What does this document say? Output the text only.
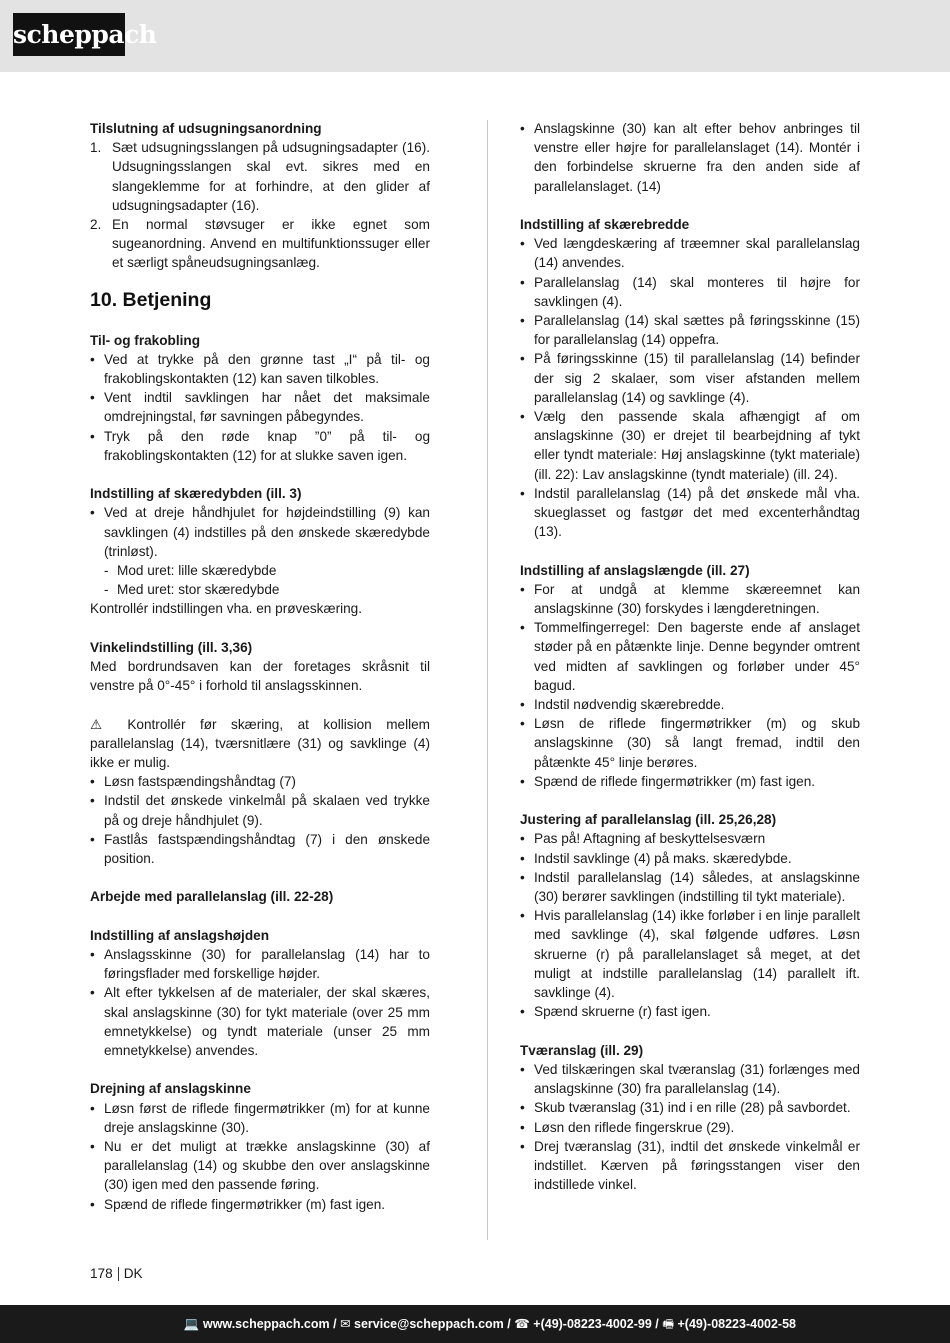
scheppach

Tilslutning af udsugningsanordning

1. Sæt udsugningsslangen på udsugningsadapter (16). Udsugningsslangen skal evt. sikres med en slangeklemme for at forhindre, at den glider af udsugningsadapter (16).
2. En normal støvsuger er ikke egnet som sugeanordning. Anvend en multifunktionssuger eller et særligt spåneudsugningsanlæg.
10. Betjening

Til- og frakobling

• Ved at trykke på den grønne tast „I“ på til- og frakoblingskontakten (12) kan saven tilkobles.
• Vent indtil savklingen har nået det maksimale omdrejningstal, før savningen påbegyndes.
• Tryk på den røde knap ”0” på til- og frakoblingskontakten (12) for at slukke saven igen.

Indstilling af skæredybden (ill. 3)

• Ved at dreje håndhjulet for højdeindstilling (9) kan savklingen (4) indstilles på den ønskede skæredybde (trinløst).
- Mod uret: lille skæredybde
- Med uret: stor skæredybde

Kontrollér indstillingen vha. en prøveskæring.

Vinkelindstilling (ill. 3,36)

Med bordrundsaven kan der foretages skråsnit til venstre på 0°-45° i forhold til anslagsskinnen.

⚠ Kontrollér før skæring, at kollision mellem parallelanslag (14), tværsnitlære (31) og savklinge (4) ikke er mulig.

• Løsn fastspændingshåndtag (7)
• Indstil det ønskede vinkelmål på skalaen ved trykke på og dreje håndhjulet (9).
• Fastlås fastspændingshåndtag (7) i den ønskede position.

Arbejde med parallelanslag (ill. 22-28)

Indstilling af anslagshøjden

• Anslagsskinne (30) for parallelanslag (14) har to føringsflader med forskellige højder.
• Alt efter tykkelsen af de materialer, der skal skæres, skal anslagskinne (30) for tykt materiale (over 25 mm emnetykkelse) og tyndt materiale (unser 25 mm emnetykkelse) anvendes.

Drejning af anslagskinne

• Løsn først de riflede fingermøtrikker (m) for at kunne dreje anslagskinne (30).
• Nu er det muligt at trække anslagskinne (30) af parallelanslag (14) og skubbe den over anslagskinne (30) igen med den passende føring.
• Spænd de riflede fingermøtrikker (m) fast igen.
• Anslagskinne (30) kan alt efter behov anbringes til venstre eller højre for parallelanslaget (14). Montér i den forbindelse skruerne fra den anden side af parallelanslaget. (14)

Indstilling af skærebredde

• Ved længdeskæring af træemner skal parallelanslag (14) anvendes.
• Parallelanslag (14) skal monteres til højre for savklingen (4).
• Parallelanslag (14) skal sættes på føringsskinne (15) for parallelanslag (14) oppefra.
• På føringsskinne (15) til parallelanslag (14) befinder der sig 2 skalaer, som viser afstanden mellem parallelanslag (14) og savklinge (4).
• Vælg den passende skala afhængigt af om anslagskinne (30) er drejet til bearbejdning af tykt eller tyndt materiale: Høj anslagskinne (tykt materiale) (ill. 22): Lav anslagskinne (tyndt materiale) (ill. 24).
• Indstil parallelanslag (14) på det ønskede mål vha. skueglasset og fastgør det med excenterhåndtag (13).

Indstilling af anslagslængde (ill. 27)

• For at undgå at klemme skæreemnet kan anslagskinne (30) forskydes i længderetningen.
• Tommelfingerregel: Den bagerste ende af anslaget støder på en påtænkte linje. Denne begynder omtrent ved midten af savklingen og forløber under 45° bagud.
• Indstil nødvendig skærebredde.
• Løsn de riflede fingermøtrikker (m) og skub anslagskinne (30) så langt fremad, indtil den påtænkte 45° linje berøres.
• Spænd de riflede fingermøtrikker (m) fast igen.

Justering af parallelanslag (ill. 25,26,28)

• Pas på! Aftagning af beskyttelsesværn
• Indstil savklinge (4) på maks. skæredybde.
• Indstil parallelanslag (14) således, at anslagskinne (30) berører savklingen (indstilling til tykt materiale).
• Hvis parallelanslag (14) ikke forløber i en linje parallelt med savklinge (4), skal følgende udføres. Løsn skruerne (r) på parallelanslaget så meget, at det muligt at indstille parallelanslag (14) parallelt ift. savklinge (4).
• Spænd skruerne (r) fast igen.

Tværanslag (ill. 29)

• Ved tilskæringen skal tværanslag (31) forlænges med anslagskinne (30) fra parallelanslag (14).
• Skub tværanslag (31) ind i en rille (28) på savbordet.
• Løsn den riflede fingerskrue (29).
• Drej tværanslag (31), indtil det ønskede vinkelmål er indstillet. Kærven på føringsstangen viser den indstillede vinkel.
178 DK
💻 www.scheppach.com / ✉ service@scheppach.com / ☎ +(49)-08223-4002-99 / 🖷 +(49)-08223-4002-58
